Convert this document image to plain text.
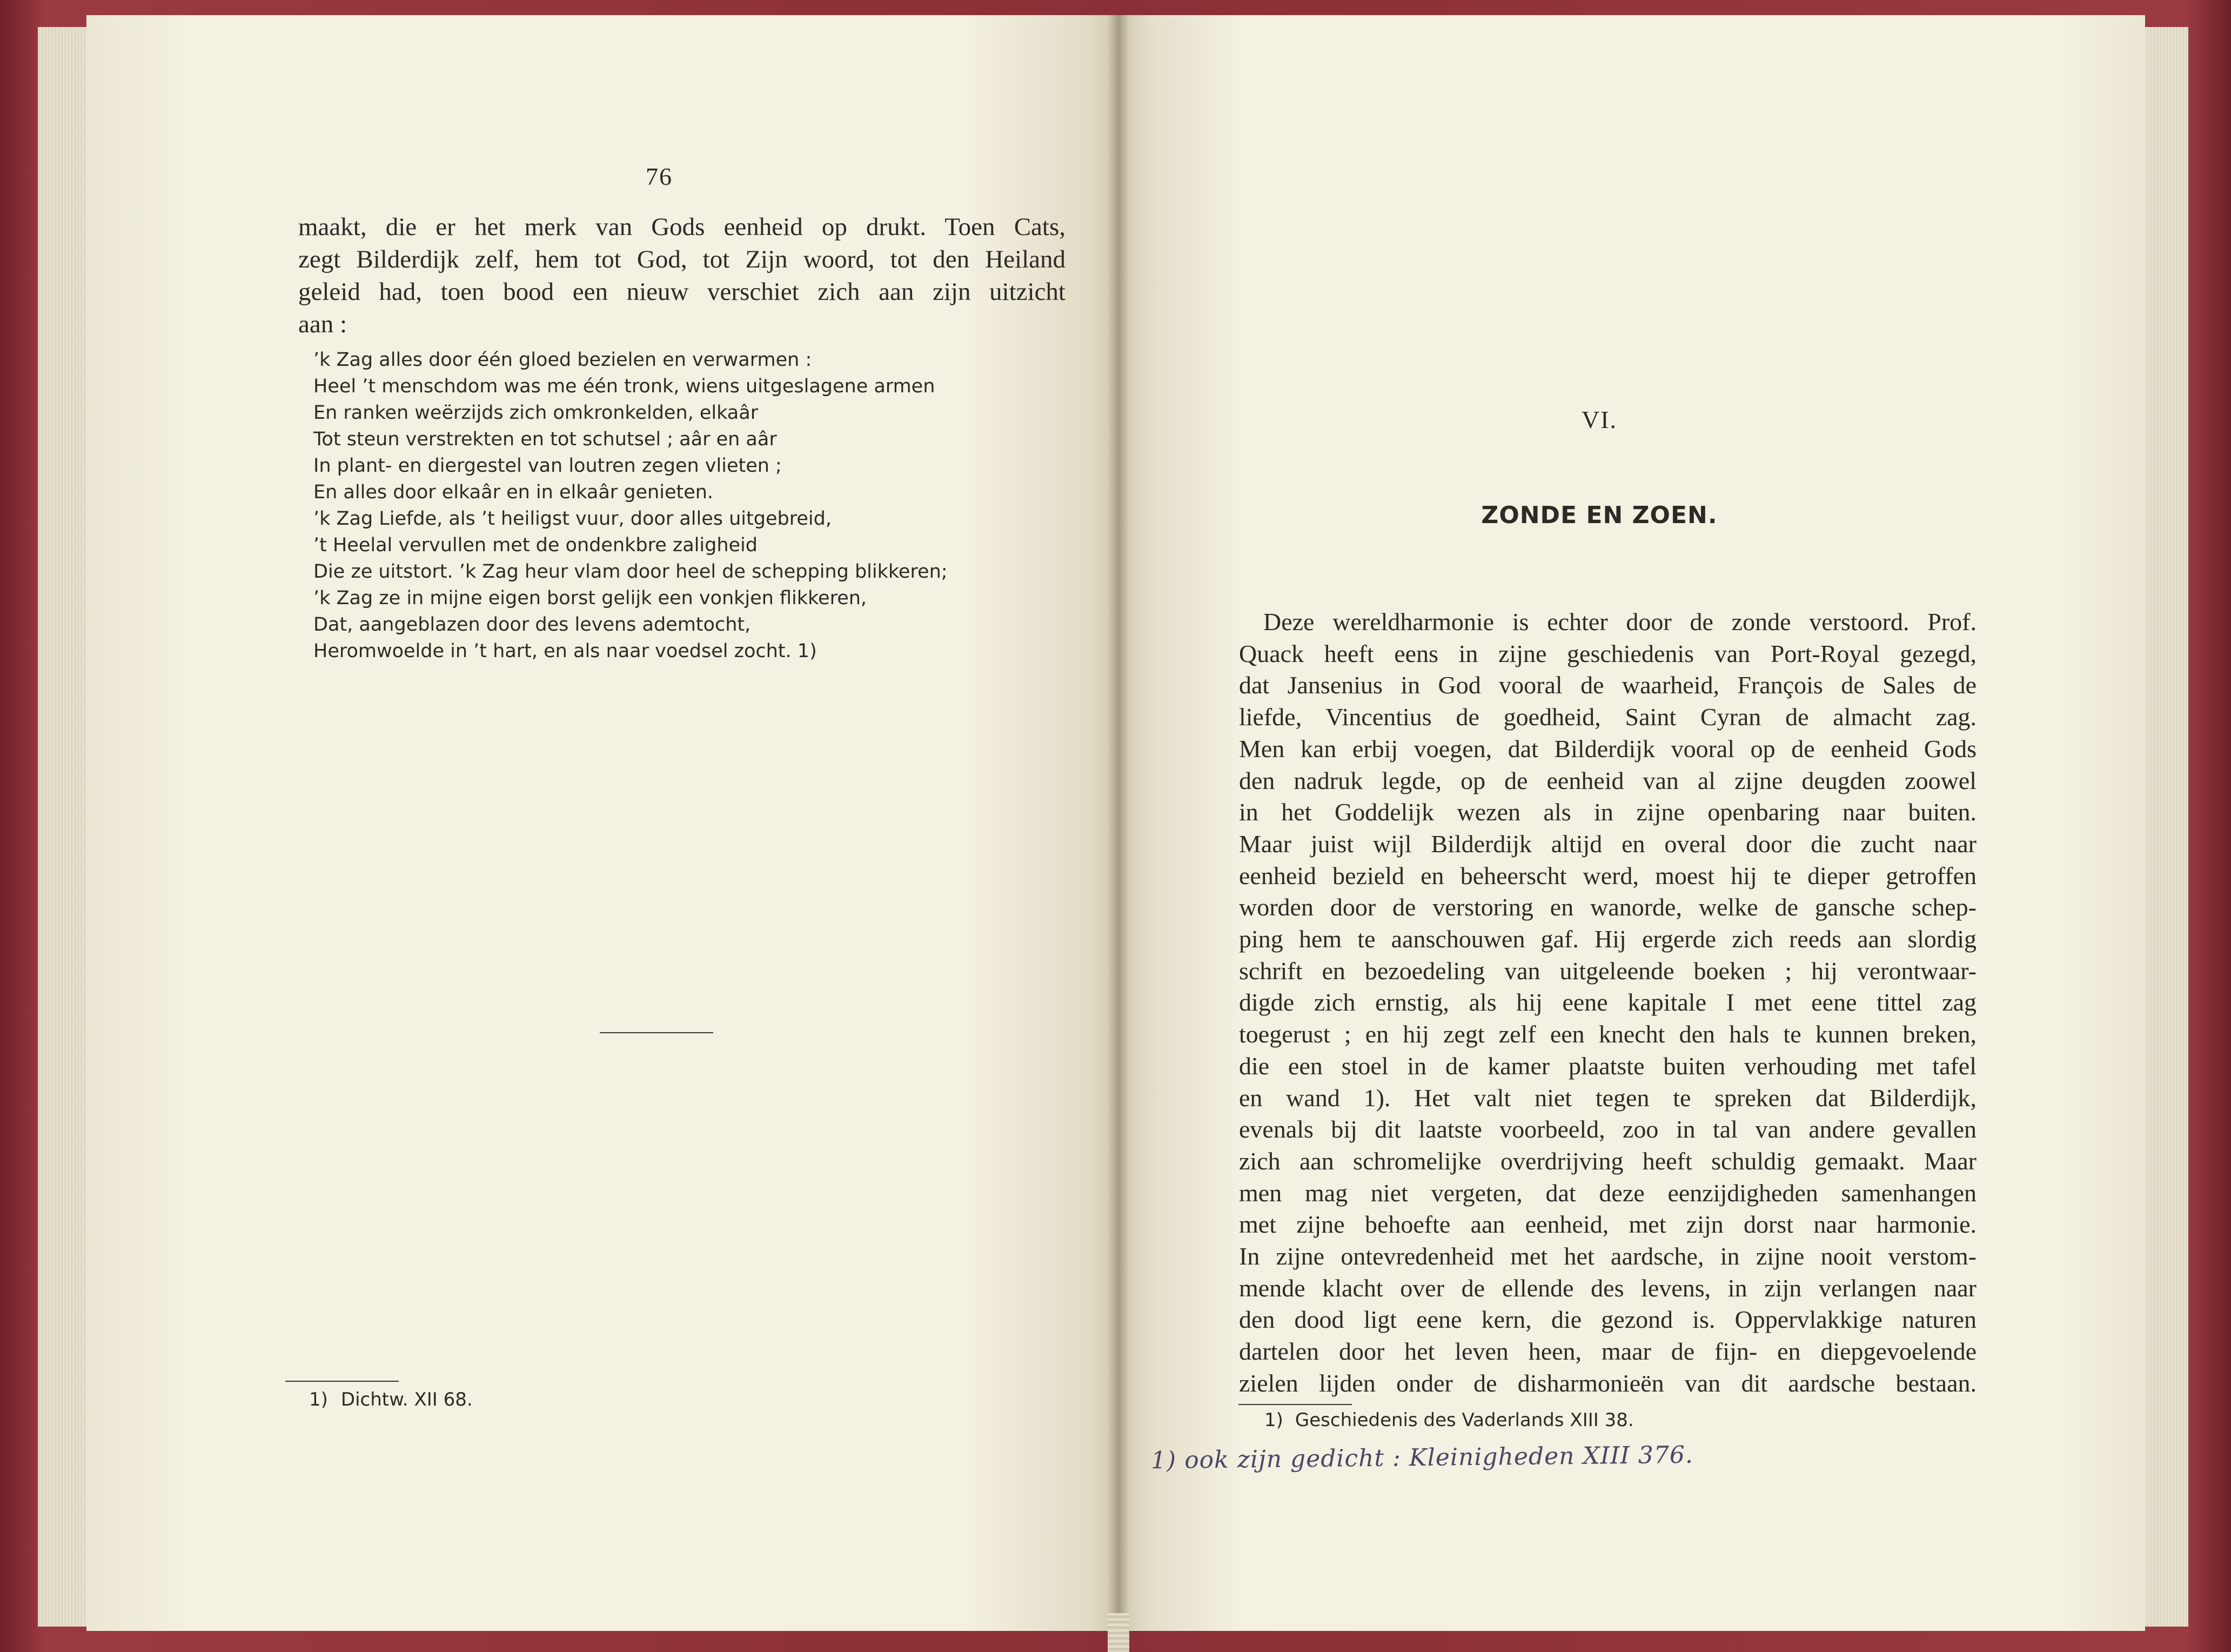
76

maakt, die er het merk van Gods eenheid op drukt. Toen Cats,
zegt Bilderdijk zelf, hem tot God, tot Zijn woord, tot den Heiland
geleid had, toen bood een nieuw verschiet zich aan zijn uitzicht
aan :

’k Zag alles door één gloed bezielen en verwarmen :
Heel ’t menschdom was me één tronk, wiens uitgeslagene armen
En ranken weërzijds zich omkronkelden, elkaâr
Tot steun verstrekten en tot schutsel ; aâr en aâr
In plant- en diergestel van loutren zegen vlieten ;
En alles door elkaâr en in elkaâr genieten.
’k Zag Liefde, als ’t heiligst vuur, door alles uitgebreid,
’t Heelal vervullen met de ondenkbre zaligheid
Die ze uitstort. ’k Zag heur vlam door heel de schepping blikkeren;
’k Zag ze in mijne eigen borst gelijk een vonkjen flikkeren,
Dat, aangeblazen door des levens ademtocht,
Heromwoelde in ’t hart, en als naar voedsel zocht. 1)
1) Dichtw. XII 68.
VI.
ZONDE EN ZOEN.

Deze wereldharmonie is echter door de zonde verstoord. Prof.
Quack heeft eens in zijne geschiedenis van Port-Royal gezegd,
dat Jansenius in God vooral de waarheid, François de Sales de
liefde, Vincentius de goedheid, Saint Cyran de almacht zag.
Men kan erbij voegen, dat Bilderdijk vooral op de eenheid Gods
den nadruk legde, op de eenheid van al zijne deugden zoowel
in het Goddelijk wezen als in zijne openbaring naar buiten.
Maar juist wijl Bilderdijk altijd en overal door die zucht naar
eenheid bezield en beheerscht werd, moest hij te dieper getroffen
worden door de verstoring en wanorde, welke de gansche schep-
ping hem te aanschouwen gaf. Hij ergerde zich reeds aan slordig
schrift en bezoedeling van uitgeleende boeken ; hij verontwaar-
digde zich ernstig, als hij eene kapitale I met eene tittel zag
toegerust ; en hij zegt zelf een knecht den hals te kunnen breken,
die een stoel in de kamer plaatste buiten verhouding met tafel
en wand 1). Het valt niet tegen te spreken dat Bilderdijk,
evenals bij dit laatste voorbeeld, zoo in tal van andere gevallen
zich aan schromelijke overdrijving heeft schuldig gemaakt. Maar
men mag niet vergeten, dat deze eenzijdigheden samenhangen
met zijne behoefte aan eenheid, met zijn dorst naar harmonie.
In zijne ontevredenheid met het aardsche, in zijne nooit verstom-
mende klacht over de ellende des levens, in zijn verlangen naar
den dood ligt eene kern, die gezond is. Oppervlakkige naturen
dartelen door het leven heen, maar de fijn- en diepgevoelende
zielen lijden onder de disharmonieën van dit aardsche bestaan.

1) Geschiedenis des Vaderlands XIII 38.
1) ook zijn gedicht : Kleinigheden XIII 376.
